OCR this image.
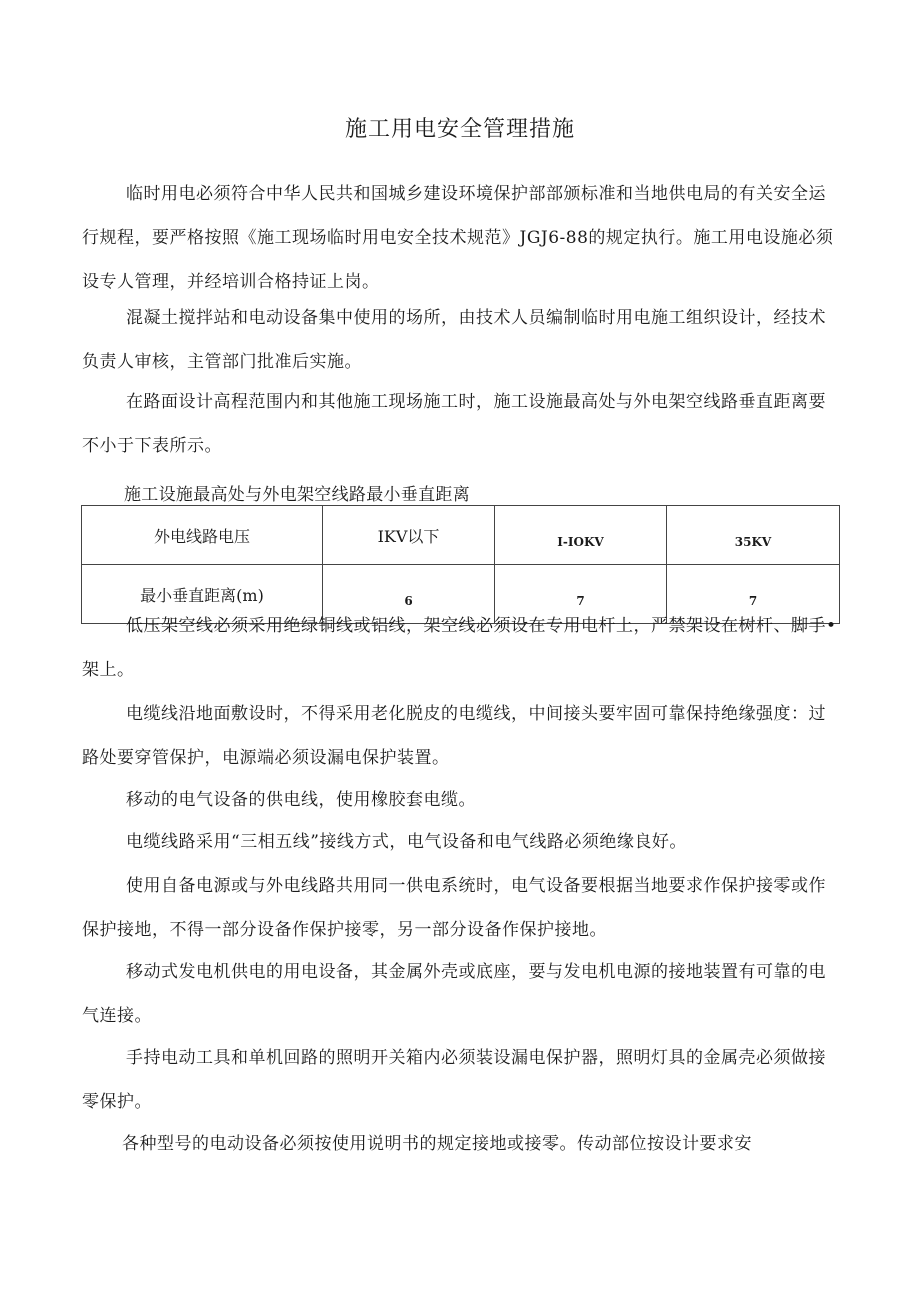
施工用电安全管理措施

临时用电必须符合中华人民共和国城乡建设环境保护部部颁标准和当地供电局的有关安全运行规程，要严格按照《施工现场临时用电安全技术规范》JGJ6-88的规定执行。施工用电设施必须设专人管理，并经培训合格持证上岗。

混凝土搅拌站和电动设备集中使用的场所，由技术人员编制临时用电施工组织设计，经技术负责人审核，主管部门批准后实施。

在路面设计高程范围内和其他施工现场施工时，施工设施最高处与外电架空线路垂直距离要不小于下表所示。

施工设施最高处与外电架空线路最小垂直距离
外电线路电压	IKV以下	I-IOKV	35KV
最小垂直距离(m)	6	7	7

低压架空线必须采用绝绿铜线或铝线，架空线必须设在专用电杆上，严禁架设在树杆、脚手•架上。

电缆线沿地面敷设时，不得采用老化脱皮的电缆线，中间接头要牢固可靠保持绝缘强度：过路处要穿管保护，电源端必须设漏电保护装置。

移动的电气设备的供电线，使用橡胶套电缆。

电缆线路采用“三相五线”接线方式，电气设备和电气线路必须绝缘良好。

使用自备电源或与外电线路共用同一供电系统时，电气设备要根据当地要求作保护接零或作保护接地，不得一部分设备作保护接零，另一部分设备作保护接地。

移动式发电机供电的用电设备，其金属外壳或底座，要与发电机电源的接地装置有可靠的电气连接。

手持电动工具和单机回路的照明开关箱内必须装设漏电保护器，照明灯具的金属壳必须做接零保护。

各种型号的电动设备必须按使用说明书的规定接地或接零。传动部位按设计要求安
